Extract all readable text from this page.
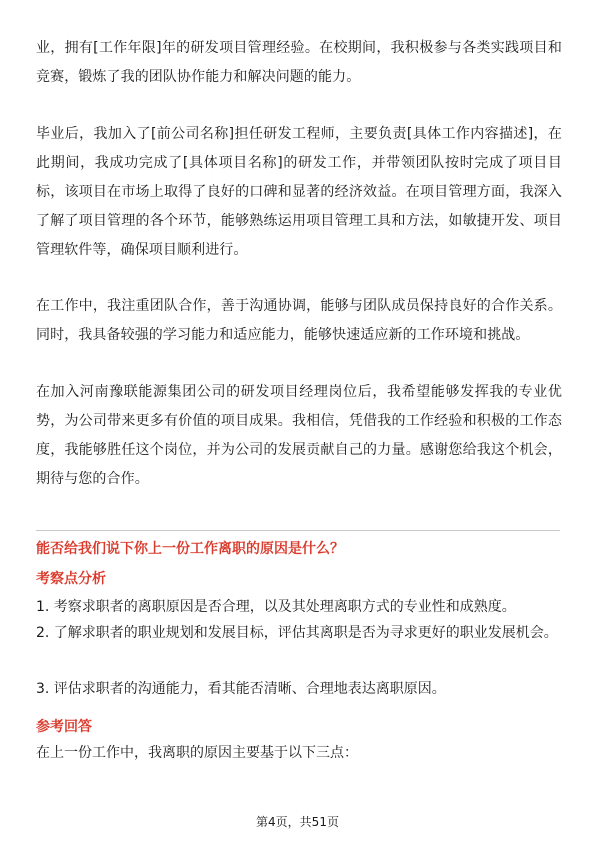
业，拥有[工作年限]年的研发项目管理经验。在校期间，我积极参与各类实践项目和竞赛，锻炼了我的团队协作能力和解决问题的能力。

毕业后，我加入了[前公司名称]担任研发工程师，主要负责[具体工作内容描述]，在此期间，我成功完成了[具体项目名称]的研发工作，并带领团队按时完成了项目目标，该项目在市场上取得了良好的口碑和显著的经济效益。在项目管理方面，我深入了解了项目管理的各个环节，能够熟练运用项目管理工具和方法，如敏捷开发、项目管理软件等，确保项目顺利进行。

在工作中，我注重团队合作，善于沟通协调，能够与团队成员保持良好的合作关系。同时，我具备较强的学习能力和适应能力，能够快速适应新的工作环境和挑战。

在加入河南豫联能源集团公司的研发项目经理岗位后，我希望能够发挥我的专业优势，为公司带来更多有价值的项目成果。我相信，凭借我的工作经验和积极的工作态度，我能够胜任这个岗位，并为公司的发展贡献自己的力量。感谢您给我这个机会，期待与您的合作。

能否给我们说下你上一份工作离职的原因是什么？
考察点分析

1. 考察求职者的离职原因是否合理，以及其处理离职方式的专业性和成熟度。

2. 了解求职者的职业规划和发展目标，评估其离职是否为寻求更好的职业发展机会。

3. 评估求职者的沟通能力，看其能否清晰、合理地表达离职原因。

参考回答

在上一份工作中，我离职的原因主要基于以下三点：

第4页，共51页
